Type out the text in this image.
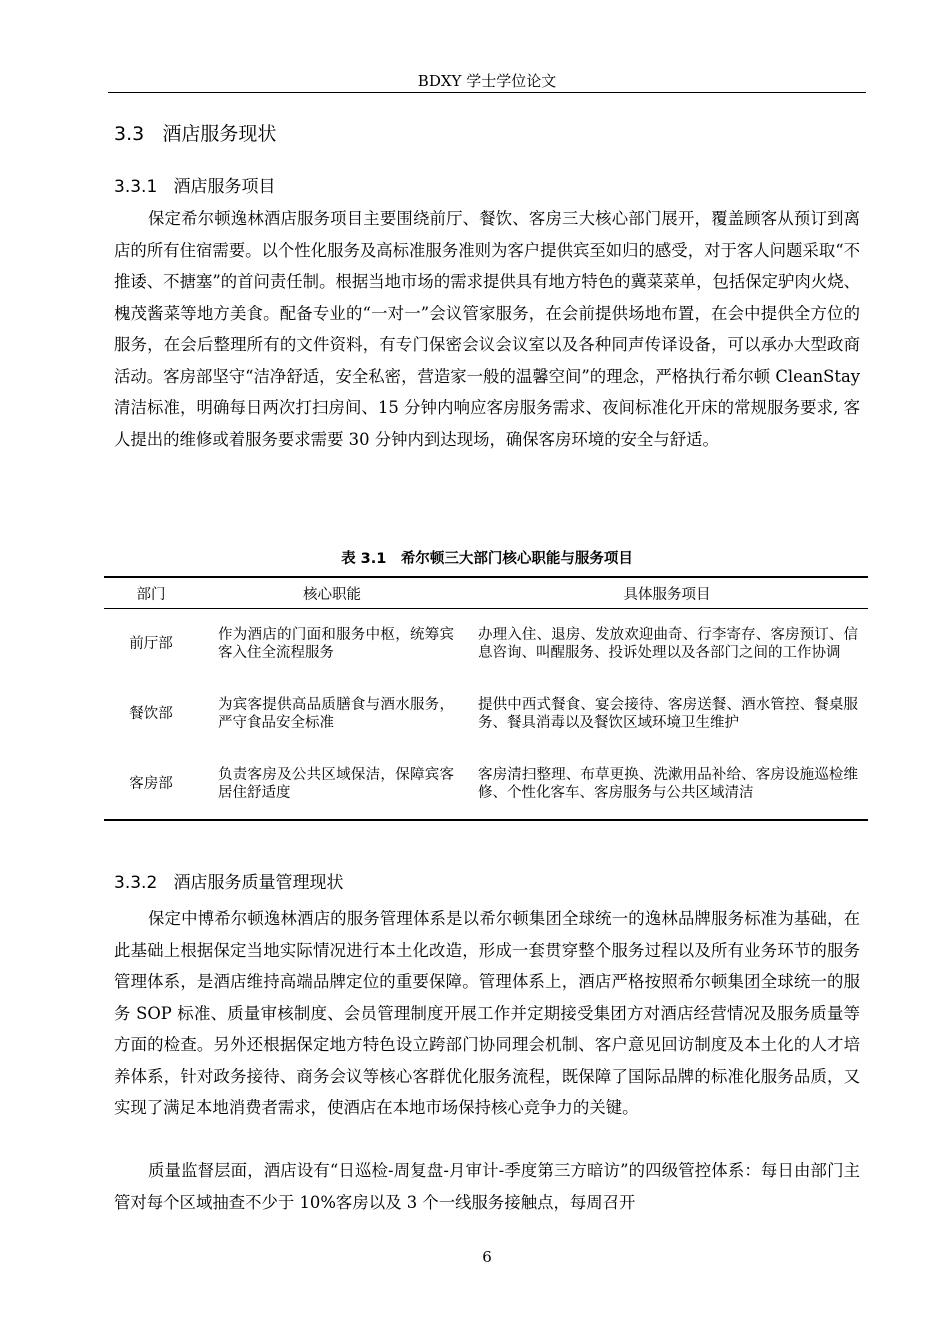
BDXY 学士学位论文
3.3 酒店服务现状
3.3.1 酒店服务项目

保定希尔顿逸林酒店服务项目主要围绕前厅、餐饮、客房三大核心部门展开，覆盖顾客从预订到离店的所有住宿需要。以个性化服务及高标准服务准则为客户提供宾至如归的感受，对于客人问题采取“不推诿、不搪塞”的首问责任制。根据当地市场的需求提供具有地方特色的冀菜菜单，包括保定驴肉火烧、槐茂酱菜等地方美食。配备专业的“一对一”会议管家服务，在会前提供场地布置，在会中提供全方位的服务，在会后整理所有的文件资料，有专门保密会议会议室以及各种同声传译设备，可以承办大型政商活动。客房部坚守“洁净舒适，安全私密，营造家一般的温馨空间”的理念，严格执行希尔顿 CleanStay 清洁标准，明确每日两次打扫房间、15 分钟内响应客房服务需求、夜间标准化开床的常规服务要求, 客人提出的维修或着服务要求需要 30 分钟内到达现场，确保客房环境的安全与舒适。

表 3.1　希尔顿三大部门核心职能与服务项目
部门	核心职能	具体服务项目
前厅部	作为酒店的门面和服务中枢，统筹宾客入住全流程服务	办理入住、退房、发放欢迎曲奇、行李寄存、客房预订、信息咨询、叫醒服务、投诉处理以及各部门之间的工作协调
餐饮部	为宾客提供高品质膳食与酒水服务，严守食品安全标准	提供中西式餐食、宴会接待、客房送餐、酒水管控、餐桌服务、餐具消毒以及餐饮区域环境卫生维护
客房部	负责客房及公共区域保洁，保障宾客居住舒适度	客房清扫整理、布草更换、洗漱用品补给、客房设施巡检维修、个性化客车、客房服务与公共区域清洁
3.3.2 酒店服务质量管理现状

保定中博希尔顿逸林酒店的服务管理体系是以希尔顿集团全球统一的逸林品牌服务标准为基础，在此基础上根据保定当地实际情况进行本土化改造，形成一套贯穿整个服务过程以及所有业务环节的服务管理体系，是酒店维持高端品牌定位的重要保障。管理体系上，酒店严格按照希尔顿集团全球统一的服务 SOP 标准、质量审核制度、会员管理制度开展工作并定期接受集团方对酒店经营情况及服务质量等方面的检查。另外还根据保定地方特色设立跨部门协同理会机制、客户意见回访制度及本土化的人才培养体系，针对政务接待、商务会议等核心客群优化服务流程，既保障了国际品牌的标准化服务品质，又实现了满足本地消费者需求，使酒店在本地市场保持核心竞争力的关键。

质量监督层面，酒店设有“日巡检-周复盘-月审计-季度第三方暗访”的四级管控体系：每日由部门主管对每个区域抽查不少于 10%客房以及 3 个一线服务接触点，每周召开

6
